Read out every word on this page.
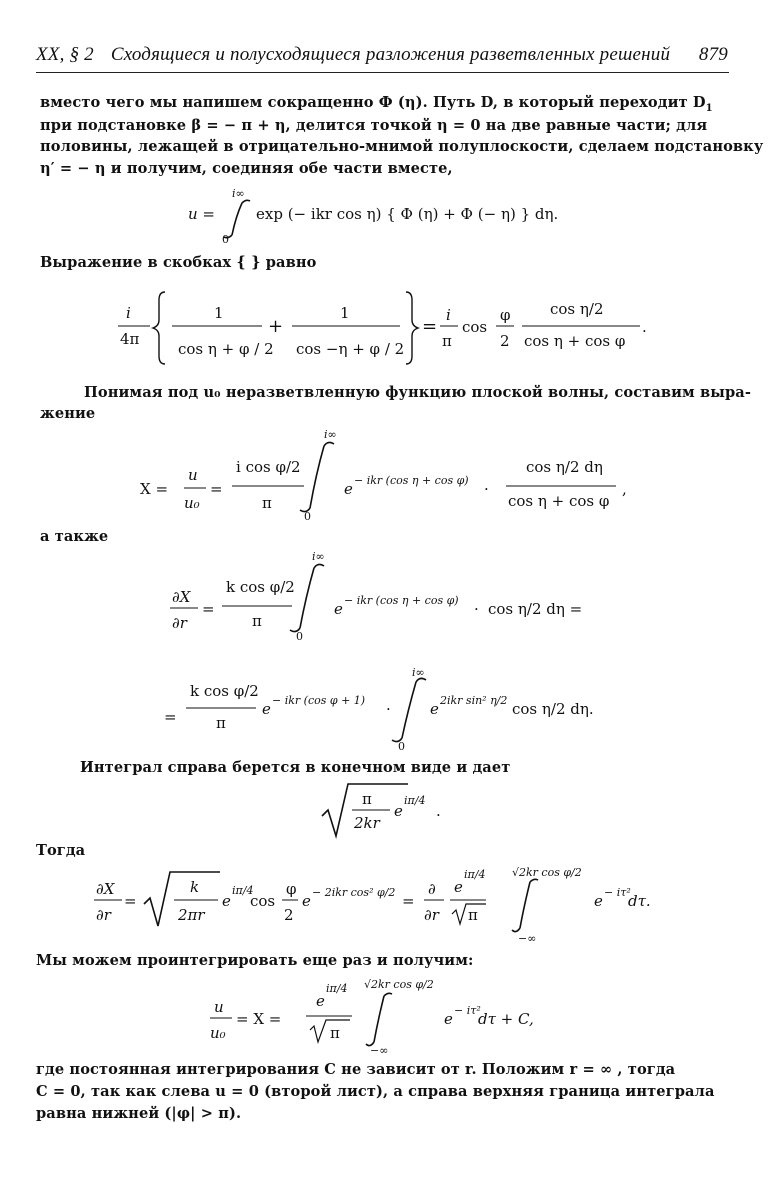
XX, § 2 Сходящиеся и полусходящиеся разложения разветвленных решений 879
вместо чего мы напишем сокращенно Ф (η). Путь D, в который переходит $D_1$
при подстановке β = − π + η, делится точкой η = 0 на две равные части; для
половины, лежащей в отрицательно-мнимой полуплоскости, сделаем подстановку
η′ = − η и получим, соединяя обе части вместе,
u =
i∞
0
exp (− ikr cos η) { Ф (η) + Ф (− η) } dη.
Выражение в скобках { } равно
i
4π
1
cos η + φ / 2
+
1
cos −η + φ / 2
=
i
π
cos
φ
2
cos η/2
cos η + cos φ
.
Понимая под u₀ неразветвленную функцию плоской волны, составим выра-
жение
X =
u
u₀
=
i cos φ/2
π
i∞
0
e − ikr (cos η + cos φ) ·
cos η/2 dη
cos η + cos φ
,
а также
∂X
∂r
=
k cos φ/2
π
i∞
0
e − ikr (cos η + cos φ) · cos η/2 dη =
=
k cos φ/2
π
e − ikr (cos φ + 1) ·
i∞
0
e 2ikr sin² η/2 cos η/2 dη.
Интеграл справа берется в конечном виде и дает
π
2kr
e
iπ/4
.
Тогда
∂X
∂r
=
k
2πr
e
iπ/4
cos
φ
2
e − 2ikr cos² φ/2 =
∂
∂r
e
iπ/4
π
√2kr cos φ/2
−∞
e − iτ²
dτ.
Мы можем проинтегрировать еще раз и получим:
u
u₀
= X =
e
iπ/4
π
√2kr cos φ/2
−∞
e − iτ²
dτ + C,
где постоянная интегрирования C не зависит от r. Положим r = ∞ , тогда
C = 0, так как слева u = 0 (второй лист), а справа верхняя граница интеграла
равна нижней (|φ| > π).
